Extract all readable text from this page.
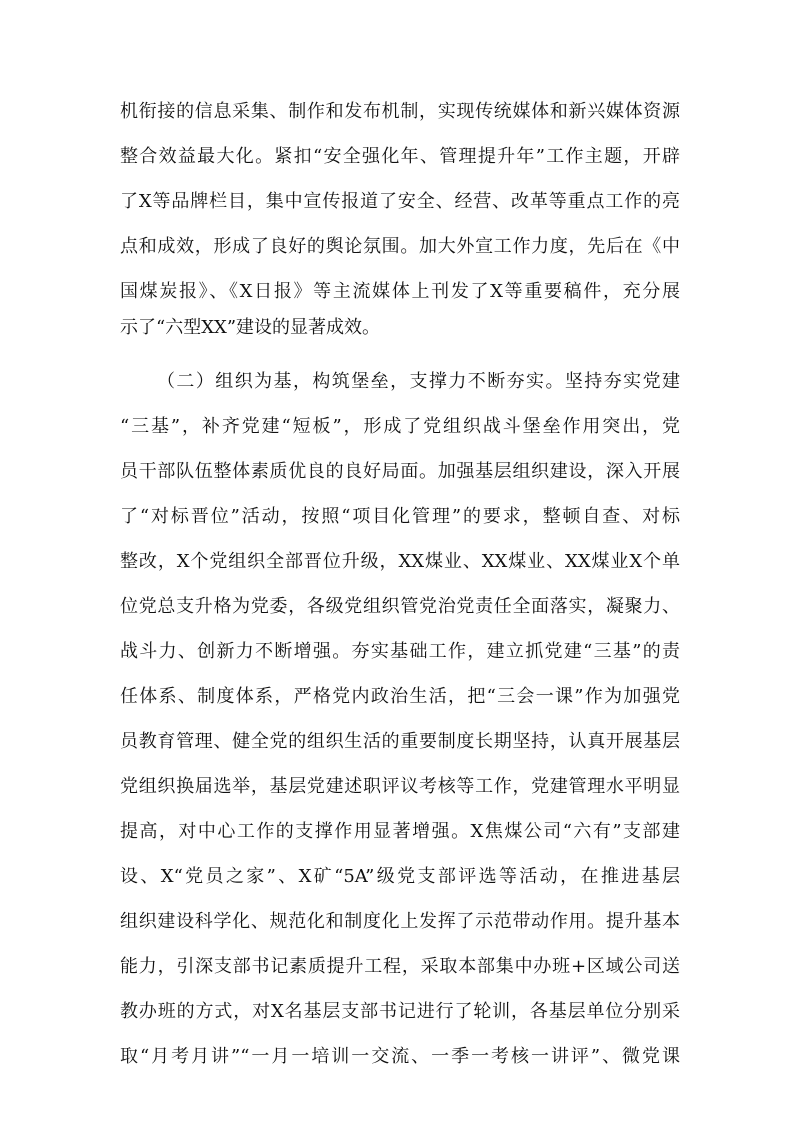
机衔接的信息采集、制作和发布机制，实现传统媒体和新兴媒体资源
整合效益最大化。紧扣“安全强化年、管理提升年”工作主题，开辟
了X等品牌栏目，集中宣传报道了安全、经营、改革等重点工作的亮
点和成效，形成了良好的舆论氛围。加大外宣工作力度，先后在《中
国煤炭报》、《X日报》等主流媒体上刊发了X等重要稿件，充分展
示了“六型XX”建设的显著成效。
（二）组织为基，构筑堡垒，支撑力不断夯实。坚持夯实党建
“三基”，补齐党建“短板”，形成了党组织战斗堡垒作用突出，党
员干部队伍整体素质优良的良好局面。加强基层组织建设，深入开展
了“对标晋位”活动，按照“项目化管理”的要求，整顿自查、对标
整改，X个党组织全部晋位升级，XX煤业、XX煤业、XX煤业X个单
位党总支升格为党委，各级党组织管党治党责任全面落实，凝聚力、
战斗力、创新力不断增强。夯实基础工作，建立抓党建“三基”的责
任体系、制度体系，严格党内政治生活，把“三会一课”作为加强党
员教育管理、健全党的组织生活的重要制度长期坚持，认真开展基层
党组织换届选举，基层党建述职评议考核等工作，党建管理水平明显
提高，对中心工作的支撑作用显著增强。X焦煤公司“六有”支部建
设、X“党员之家”、X矿“5A”级党支部评选等活动，在推进基层
组织建设科学化、规范化和制度化上发挥了示范带动作用。提升基本
能力，引深支部书记素质提升工程，采取本部集中办班+区域公司送
教办班的方式，对X名基层支部书记进行了轮训，各基层单位分别采
取“月考月讲”“一月一培训一交流、一季一考核一讲评”、微党课
